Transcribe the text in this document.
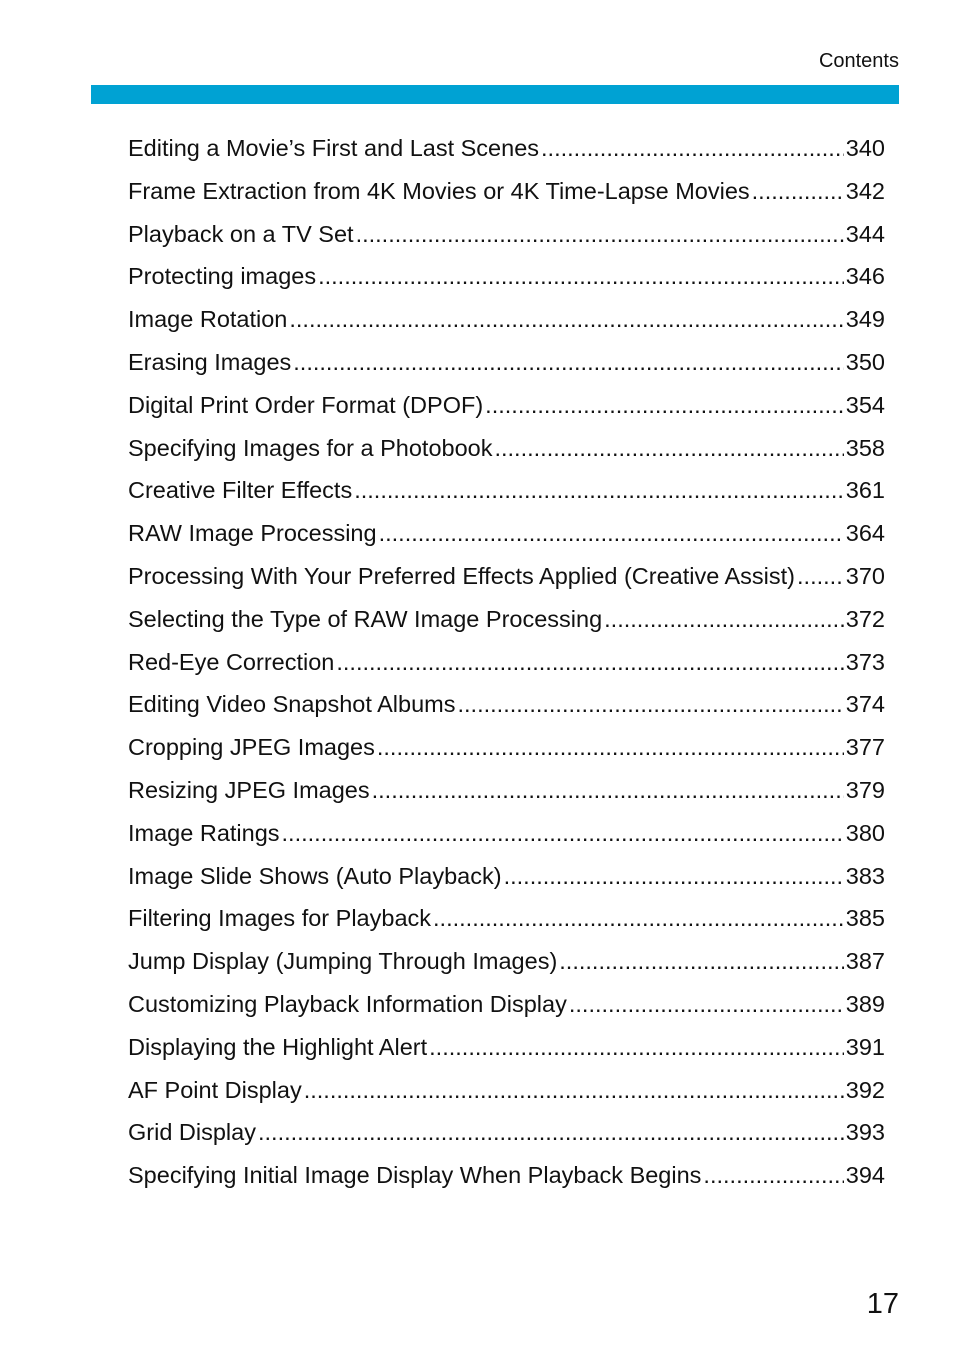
Contents
Editing a Movie’s First and Last Scenes .....	340
Frame Extraction from 4K Movies or 4K Time-Lapse Movies .....	342
Playback on a TV Set .....	344
Protecting images .....	346
Image Rotation .....	349
Erasing Images .....	350
Digital Print Order Format (DPOF) .....	354
Specifying Images for a Photobook .....	358
Creative Filter Effects .....	361
RAW Image Processing .....	364
Processing With Your Preferred Effects Applied (Creative Assist) ..... 370
Selecting the Type of RAW Image Processing .....	372
Red-Eye Correction .....	373
Editing Video Snapshot Albums .....	374
Cropping JPEG Images .....	377
Resizing JPEG Images .....	379
Image Ratings .....	380
Image Slide Shows (Auto Playback) .....	383
Filtering Images for Playback .....	385
Jump Display (Jumping Through Images) .....	387
Customizing Playback Information Display .....	389
Displaying the Highlight Alert .....	391
AF Point Display .....	392
Grid Display .....	393
Specifying Initial Image Display When Playback Begins .....	394
17
